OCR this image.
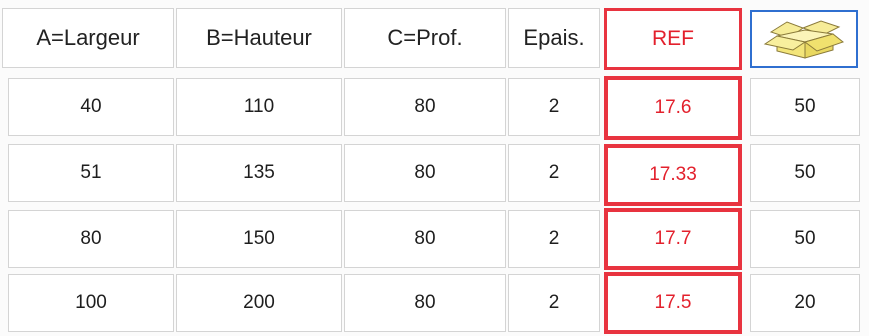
A=Largeur	B=Hauteur	C=Prof.	Epais.	REF
40	110	80	2	17.6	50
51	135	80	2	17.33	50
80	150	80	2	17.7	50
100	200	80	2	17.5	20
